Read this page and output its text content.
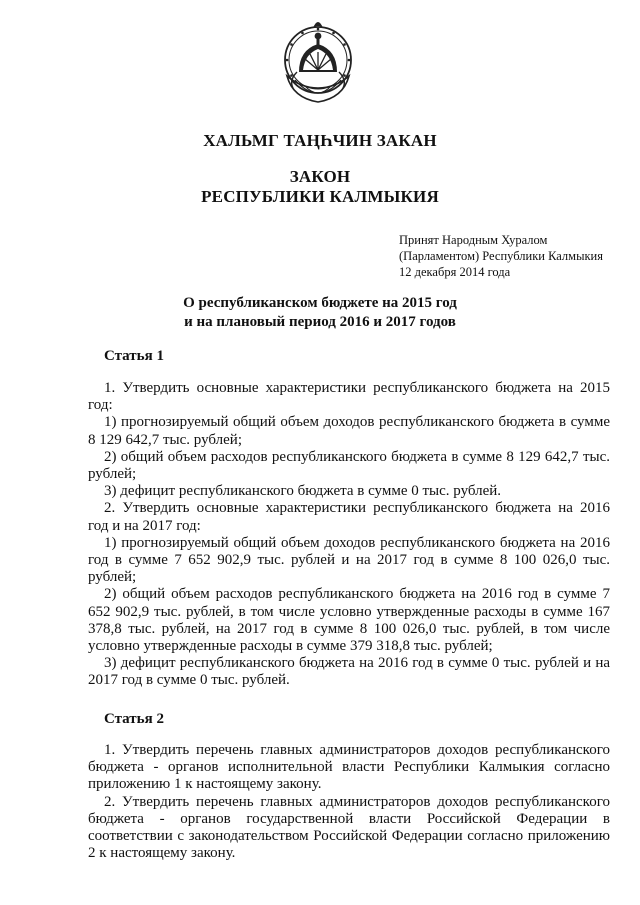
ХАЛЬМГ ТАҢҺЧИН ЗАКАН
ЗАКОН
РЕСПУБЛИКИ КАЛМЫКИЯ
Принят Народным Хуралом
(Парламентом) Республики Калмыкия
12 декабря 2014 года
О республиканском бюджете на 2015 год
и на плановый период 2016 и 2017 годов
Статья 1

1. Утвердить основные характеристики республиканского бюджета на 2015 год:

1) прогнозируемый общий объем доходов республиканского бюджета в сумме 8 129 642,7 тыс. рублей;

2) общий объем расходов республиканского бюджета в сумме 8 129 642,7 тыс. рублей;

3) дефицит республиканского бюджета в сумме 0 тыс. рублей.

2. Утвердить основные характеристики республиканского бюджета на 2016 год и на 2017 год:

1) прогнозируемый общий объем доходов республиканского бюджета на 2016 год в сумме 7 652 902,9 тыс. рублей и на 2017 год в сумме 8 100 026,0 тыс. рублей;

2) общий объем расходов республиканского бюджета на 2016 год в сумме 7 652 902,9 тыс. рублей, в том числе условно утвержденные расходы в сумме 167 378,8 тыс. рублей, на 2017 год в сумме 8 100 026,0 тыс. рублей, в том числе условно утвержденные расходы в сумме 379 318,8 тыс. рублей;

3) дефицит республиканского бюджета на 2016 год в сумме 0 тыс. рублей и на 2017 год в сумме 0 тыс. рублей.

Статья 2

1. Утвердить перечень главных администраторов доходов республиканского бюджета - органов исполнительной власти Республики Калмыкия согласно приложению 1 к настоящему закону.

2. Утвердить перечень главных администраторов доходов республиканского бюджета - органов государственной власти Российской Федерации в соответствии с законодательством Российской Федерации согласно приложению 2 к настоящему закону.
